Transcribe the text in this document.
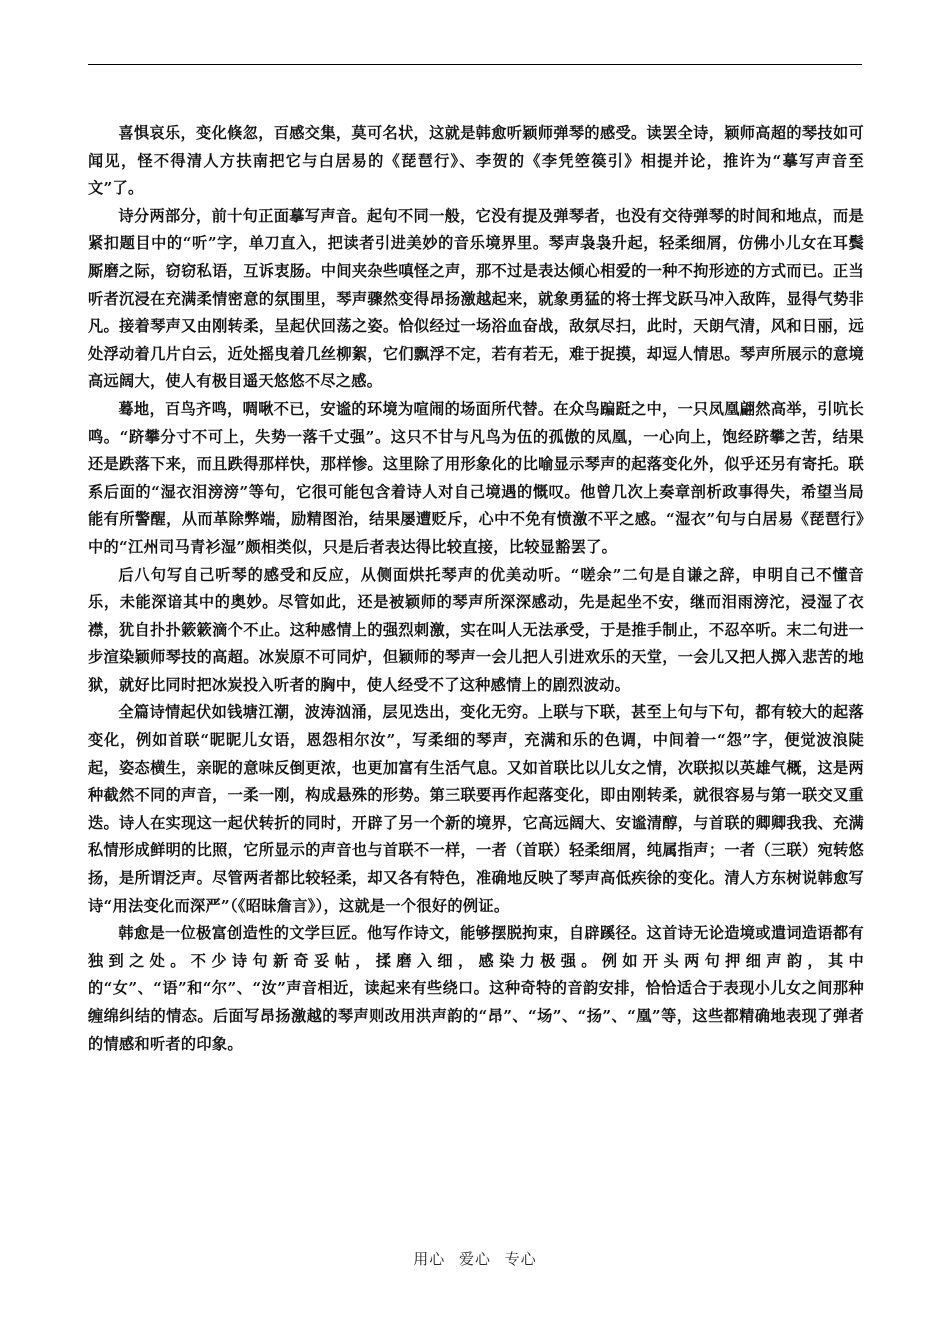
喜惧哀乐，变化倏忽，百感交集，莫可名状，这就是韩愈听颖师弹琴的感受。读罢全诗，颖师高超的琴技如可闻见，怪不得清人方扶南把它与白居易的《琵琶行》、李贺的《李凭箜篌引》相提并论，推许为“摹写声音至文”了。

诗分两部分，前十句正面摹写声音。起句不同一般，它没有提及弹琴者，也没有交待弹琴的时间和地点，而是紧扣题目中的“听”字，单刀直入，把读者引进美妙的音乐境界里。琴声袅袅升起，轻柔细屑，仿佛小儿女在耳鬓厮磨之际，窃窃私语，互诉衷肠。中间夹杂些嗔怪之声，那不过是表达倾心相爱的一种不拘形迹的方式而已。正当听者沉浸在充满柔情密意的氛围里，琴声骤然变得昂扬激越起来，就象勇猛的将士挥戈跃马冲入敌阵，显得气势非凡。接着琴声又由刚转柔，呈起伏回荡之姿。恰似经过一场浴血奋战，敌氛尽扫，此时，天朗气清，风和日丽，远处浮动着几片白云，近处摇曳着几丝柳絮，它们飘浮不定，若有若无，难于捉摸，却逗人情思。琴声所展示的意境高远阔大，使人有极目遥天悠悠不尽之感。

蓦地，百鸟齐鸣，啁啾不已，安谧的环境为喧闹的场面所代替。在众鸟蹁跹之中，一只凤凰翩然高举，引吭长鸣。“跻攀分寸不可上，失势一落千丈强”。这只不甘与凡鸟为伍的孤傲的凤凰，一心向上，饱经跻攀之苦，结果还是跌落下来，而且跌得那样快，那样惨。这里除了用形象化的比喻显示琴声的起落变化外，似乎还另有寄托。联系后面的“湿衣泪滂滂”等句，它很可能包含着诗人对自己境遇的慨叹。他曾几次上奏章剖析政事得失，希望当局能有所警醒，从而革除弊端，励精图治，结果屡遭贬斥，心中不免有愤激不平之感。“湿衣”句与白居易《琵琶行》中的“江州司马青衫湿”颇相类似，只是后者表达得比较直接，比较显豁罢了。

后八句写自己听琴的感受和反应，从侧面烘托琴声的优美动听。“嗟余”二句是自谦之辞，申明自己不懂音乐，未能深谙其中的奥妙。尽管如此，还是被颖师的琴声所深深感动，先是起坐不安，继而泪雨滂沱，浸湿了衣襟，犹自扑扑簌簌滴个不止。这种感情上的强烈刺激，实在叫人无法承受，于是推手制止，不忍卒听。末二句进一步渲染颖师琴技的高超。冰炭原不可同炉，但颖师的琴声一会儿把人引进欢乐的天堂，一会儿又把人掷入悲苦的地狱，就好比同时把冰炭投入听者的胸中，使人经受不了这种感情上的剧烈波动。

全篇诗情起伏如钱塘江潮，波涛汹涌，层见迭出，变化无穷。上联与下联，甚至上句与下句，都有较大的起落变化，例如首联“昵昵儿女语，恩怨相尔汝”，写柔细的琴声，充满和乐的色调，中间着一“怨”字，便觉波浪陡起，姿态横生，亲昵的意味反倒更浓，也更加富有生活气息。又如首联比以儿女之情，次联拟以英雄气概，这是两种截然不同的声音，一柔一刚，构成悬殊的形势。第三联要再作起落变化，即由刚转柔，就很容易与第一联交叉重迭。诗人在实现这一起伏转折的同时，开辟了另一个新的境界，它高远阔大、安谧清醇，与首联的卿卿我我、充满私情形成鲜明的比照，它所显示的声音也与首联不一样，一者（首联）轻柔细屑，纯属指声；一者（三联）宛转悠扬，是所谓泛声。尽管两者都比较轻柔，却又各有特色，准确地反映了琴声高低疾徐的变化。清人方东树说韩愈写诗“用法变化而深严”（《昭昧詹言》），这就是一个很好的例证。

韩愈是一位极富创造性的文学巨匠。他写作诗文，能够摆脱拘束，自辟蹊径。这首诗无论造境或遣词造语都有独到之处。不少诗句新奇妥帖，揉磨入细，感染力极强。例如开头两句押细声韵，其中的“女”、“语”和“尔”、“汝”声音相近，读起来有些绕口。这种奇特的音韵安排，恰恰适合于表现小儿女之间那种缠绵纠结的情态。后面写昂扬激越的琴声则改用洪声韵的“昂”、“场”、“扬”、“凰”等，这些都精确地表现了弹者的情感和听者的印象。

用心 爱心 专心
